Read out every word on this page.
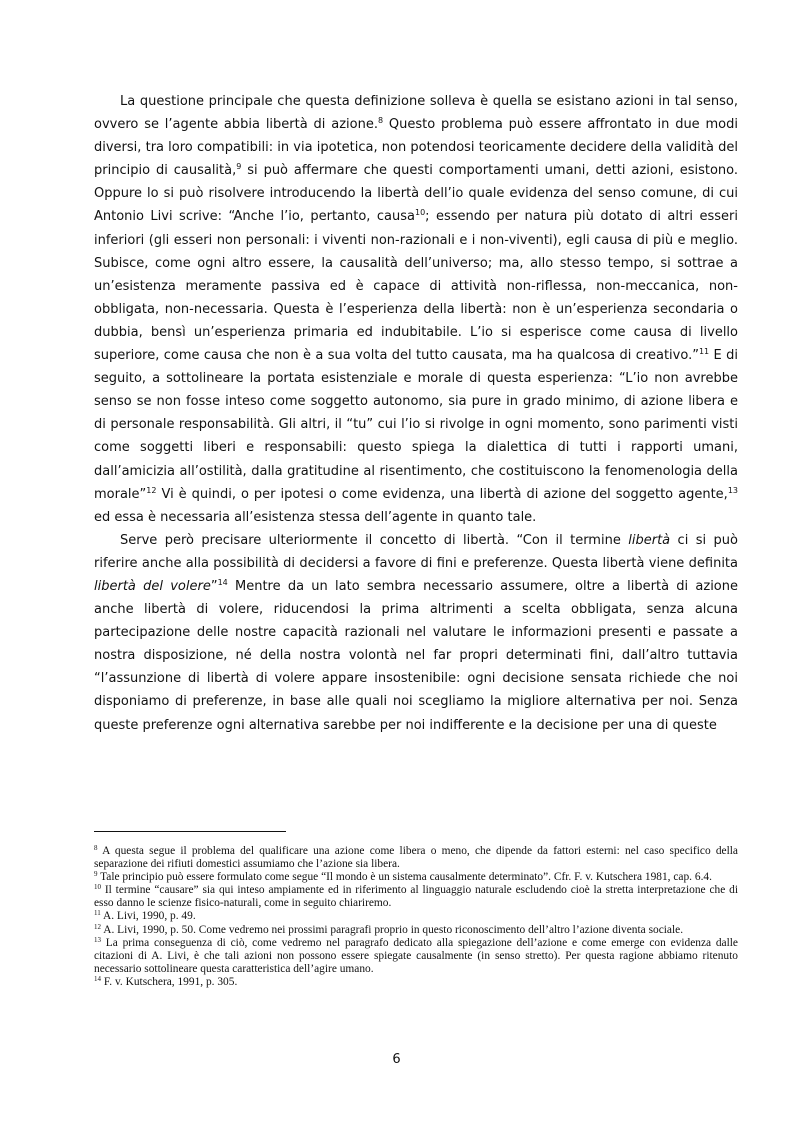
La questione principale che questa definizione solleva è quella se esistano azioni in tal senso, ovvero se l’agente abbia libertà di azione.$^8$ Questo problema può essere affrontato in due modi diversi, tra loro compatibili: in via ipotetica, non potendosi teoricamente decidere della validità del principio di causalità,$^9$ si può affermare che questi comportamenti umani, detti azioni, esistono. Oppure lo si può risolvere introducendo la libertà dell’io quale evidenza del senso comune, di cui Antonio Livi scrive: “Anche l’io, pertanto, causa$^{10}$; essendo per natura più dotato di altri esseri inferiori (gli esseri non personali: i viventi non-razionali e i non-viventi), egli causa di più e meglio. Subisce, come ogni altro essere, la causalità dell’universo; ma, allo stesso tempo, si sottrae a un’esistenza meramente passiva ed è capace di attività non-riflessa, non-meccanica, non-obbligata, non-necessaria. Questa è l’esperienza della libertà: non è un’esperienza secondaria o dubbia, bensì un’esperienza primaria ed indubitabile. L’io si esperisce come causa di livello superiore, come causa che non è a sua volta del tutto causata, ma ha qualcosa di creativo.”$^{11}$ E di seguito, a sottolineare la portata esistenziale e morale di questa esperienza: “L’io non avrebbe senso se non fosse inteso come soggetto autonomo, sia pure in grado minimo, di azione libera e di personale responsabilità. Gli altri, il “tu” cui l’io si rivolge in ogni momento, sono parimenti visti come soggetti liberi e responsabili: questo spiega la dialettica di tutti i rapporti umani, dall’amicizia all’ostilità, dalla gratitudine al risentimento, che costituiscono la fenomenologia della morale”$^{12}$ Vi è quindi, o per ipotesi o come evidenza, una libertà di azione del soggetto agente,$^{13}$ ed essa è necessaria all’esistenza stessa dell’agente in quanto tale.

Serve però precisare ulteriormente il concetto di libertà. “Con il termine libertà ci si può riferire anche alla possibilità di decidersi a favore di fini e preferenze. Questa libertà viene definita libertà del volere”$^{14}$ Mentre da un lato sembra necessario assumere, oltre a libertà di azione anche libertà di volere, riducendosi la prima altrimenti a scelta obbligata, senza alcuna partecipazione delle nostre capacità razionali nel valutare le informazioni presenti e passate a nostra disposizione, né della nostra volontà nel far propri determinati fini, dall’altro tuttavia “l’assunzione di libertà di volere appare insostenibile: ogni decisione sensata richiede che noi disponiamo di preferenze, in base alle quali noi scegliamo la migliore alternativa per noi. Senza queste preferenze ogni alternativa sarebbe per noi indifferente e la decisione per una di queste

$^8$ A questa segue il problema del qualificare una azione come libera o meno, che dipende da fattori esterni: nel caso specifico della separazione dei rifiuti domestici assumiamo che l’azione sia libera.
$^9$ Tale principio può essere formulato come segue “Il mondo è un sistema causalmente determinato”. Cfr. F. v. Kutschera 1981, cap. 6.4.
$^{10}$ Il termine “causare” sia qui inteso ampiamente ed in riferimento al linguaggio naturale escludendo cioè la stretta interpretazione che di esso danno le scienze fisico-naturali, come in seguito chiariremo.
$^{11}$ A. Livi, 1990, p. 49.
$^{12}$ A. Livi, 1990, p. 50. Come vedremo nei prossimi paragrafi proprio in questo riconoscimento dell’altro l’azione diventa sociale.
$^{13}$ La prima conseguenza di ciò, come vedremo nel paragrafo dedicato alla spiegazione dell’azione e come emerge con evidenza dalle citazioni di A. Livi, è che tali azioni non possono essere spiegate causalmente (in senso stretto). Per questa ragione abbiamo ritenuto necessario sottolineare questa caratteristica dell’agire umano.
$^{14}$ F. v. Kutschera, 1991, p. 305.
6
